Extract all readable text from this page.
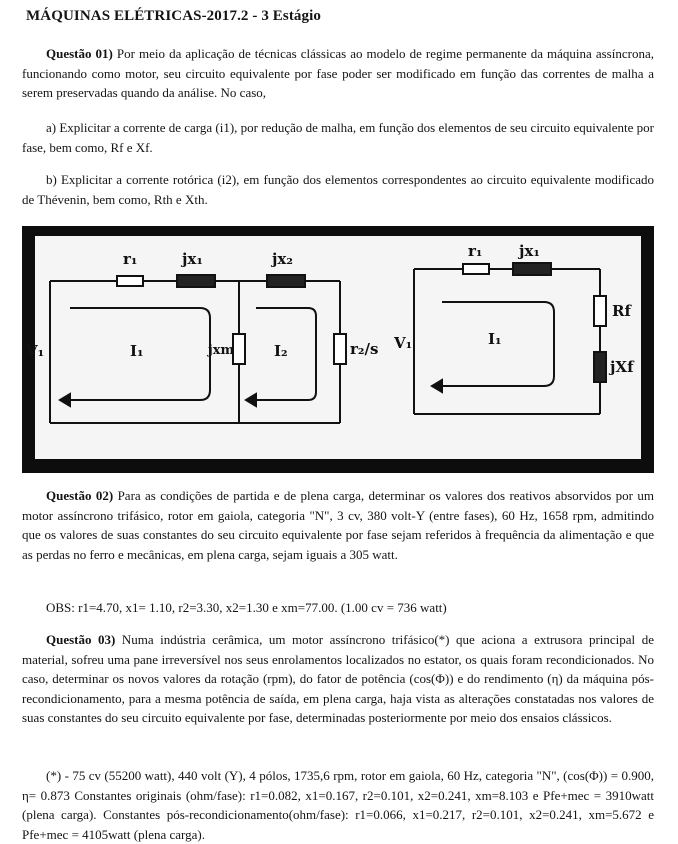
MÁQUINAS ELÉTRICAS-2017.2 - 3 Estágio

Questão 01) Por meio da aplicação de técnicas clássicas ao modelo de regime permanente da máquina assíncrona, funcionando como motor, seu circuito equivalente por fase poder ser modificado em função das correntes de malha a serem preservadas quando da análise. No caso,

a) Explicitar a corrente de carga (i1), por redução de malha, em função dos elementos de seu circuito equivalente por fase, bem como, Rf e Xf.

b) Explicitar a corrente rotórica (i2), em função dos elementos correspondentes ao circuito equivalente modificado de Thévenin, bem como, Rth e Xth.

r₁	jx₁	jx₂
V₁	I₁	jxm	I₂	r₂/s
r₁ jx₁
Rf
V₁	I₁
jXf

Questão 02) Para as condições de partida e de plena carga, determinar os valores dos reativos absorvidos por um motor assíncrono trifásico, rotor em gaiola, categoria "N", 3 cv, 380 volt-Y (entre fases), 60 Hz, 1658 rpm, admitindo que os valores de suas constantes do seu circuito equivalente por fase sejam referidos à frequência da alimentação e que as perdas no ferro e mecânicas, em plena carga, sejam iguais a 305 watt.

OBS: r1=4.70, x1= 1.10, r2=3.30, x2=1.30 e xm=77.00. (1.00 cv = 736 watt)

Questão 03) Numa indústria cerâmica, um motor assíncrono trifásico(*) que aciona a extrusora principal de material, sofreu uma pane irreversível nos seus enrolamentos localizados no estator, os quais foram recondicionados. No caso, determinar os novos valores da rotação (rpm), do fator de potência (cos(Φ)) e do rendimento (η) da máquina pós-recondicionamento, para a mesma potência de saída, em plena carga, haja vista as alterações constatadas nos valores de suas constantes do seu circuito equivalente por fase, determinadas posteriormente por meio dos ensaios clássicos.

(*) - 75 cv (55200 watt), 440 volt (Y), 4 pólos, 1735,6 rpm, rotor em gaiola, 60 Hz, categoria "N", (cos(Φ)) = 0.900, η= 0.873 Constantes originais (ohm/fase): r1=0.082, x1=0.167, r2=0.101, x2=0.241, xm=8.103 e Pfe+mec = 3910watt (plena carga). Constantes pós-recondicionamento(ohm/fase): r1=0.066, x1=0.217, r2=0.101, x2=0.241, xm=5.672 e Pfe+mec = 4105watt (plena carga).
